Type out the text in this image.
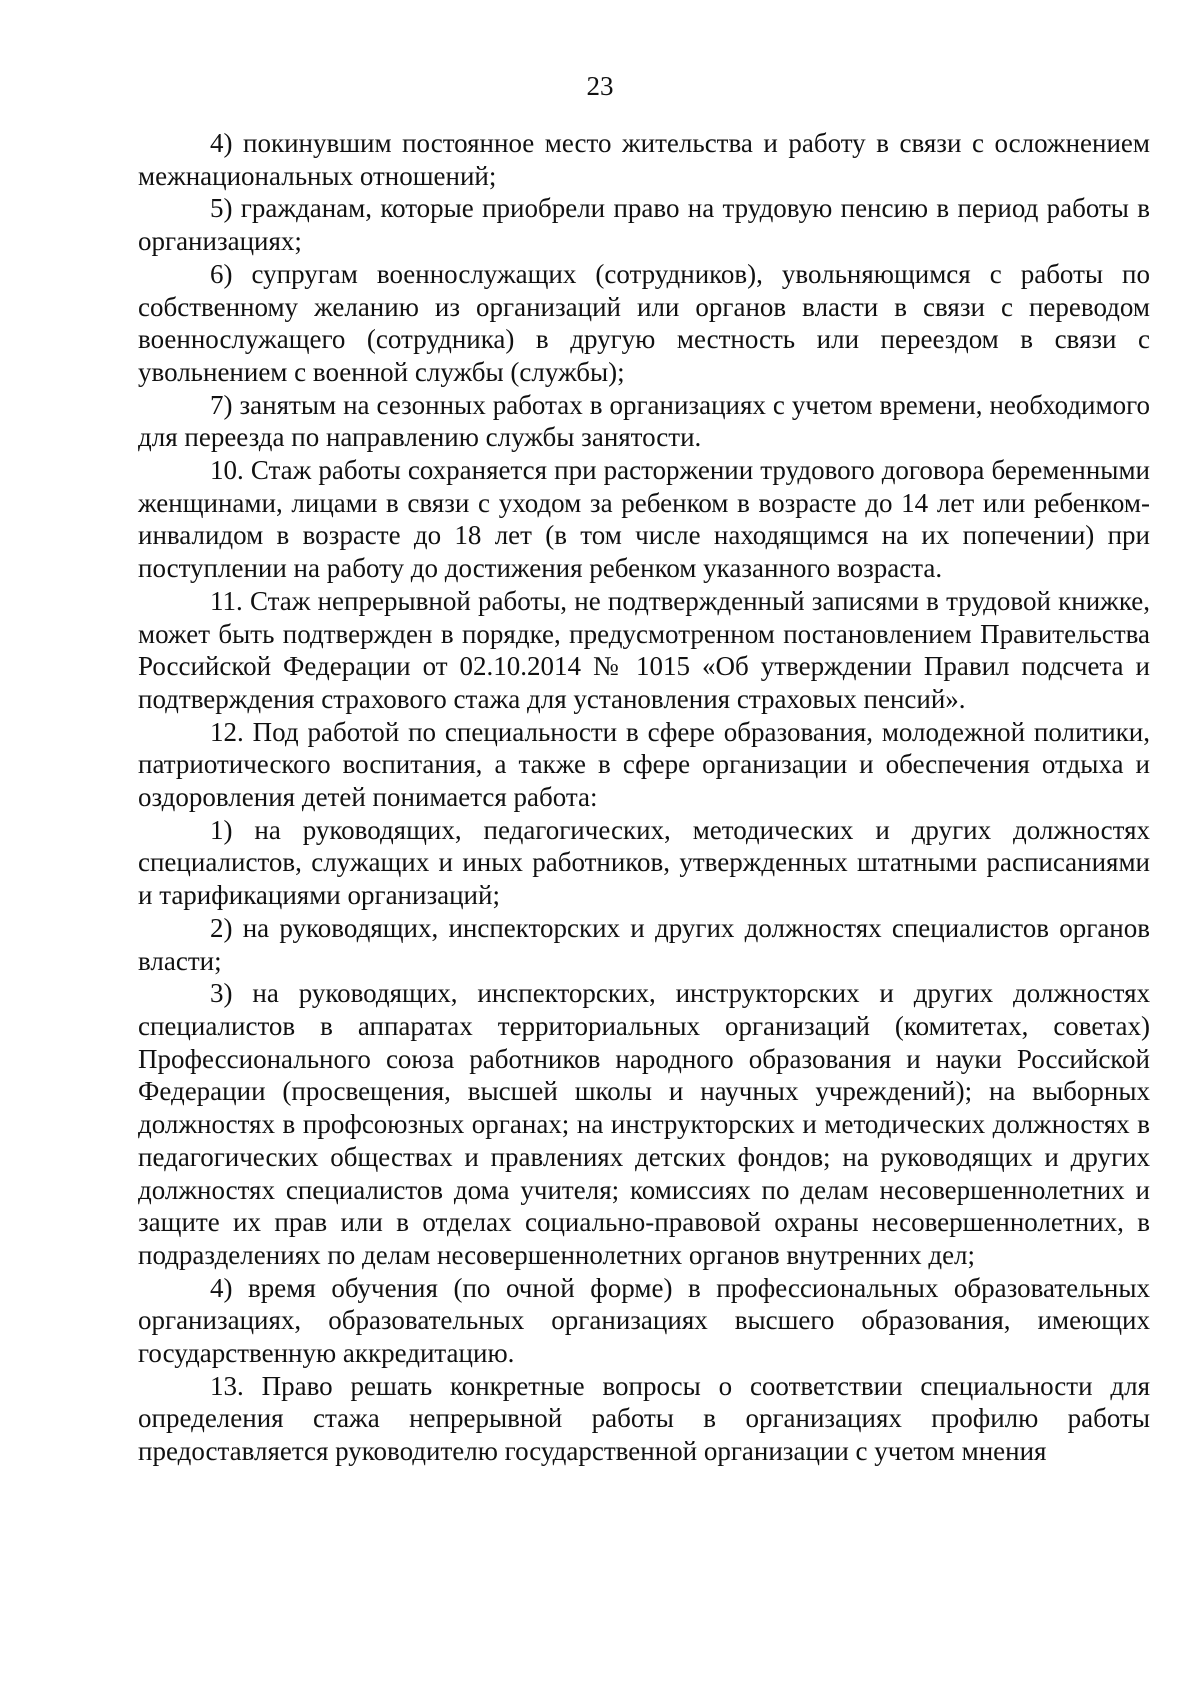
23

4) покинувшим постоянное место жительства и работу в связи с осложнением межнациональных отношений;

5) гражданам, которые приобрели право на трудовую пенсию в период работы в организациях;

6) супругам военнослужащих (сотрудников), увольняющимся с работы по собственному желанию из организаций или органов власти в связи с переводом военнослужащего (сотрудника) в другую местность или переездом в связи с увольнением с военной службы (службы);

7) занятым на сезонных работах в организациях с учетом времени, необходимого для переезда по направлению службы занятости.

10. Стаж работы сохраняется при расторжении трудового договора беременными женщинами, лицами в связи с уходом за ребенком в возрасте до 14 лет или ребенком-инвалидом в возрасте до 18 лет (в том числе находящимся на их попечении) при поступлении на работу до достижения ребенком указанного возраста.

11. Стаж непрерывной работы, не подтвержденный записями в трудовой книжке, может быть подтвержден в порядке, предусмотренном постановлением Правительства Российской Федерации от 02.10.2014 № 1015 «Об утверждении Правил подсчета и подтверждения страхового стажа для установления страховых пенсий».

12. Под работой по специальности в сфере образования, молодежной политики, патриотического воспитания, а также в сфере организации и обеспечения отдыха и оздоровления детей понимается работа:

1) на руководящих, педагогических, методических и других должностях специалистов, служащих и иных работников, утвержденных штатными расписаниями и тарификациями организаций;

2) на руководящих, инспекторских и других должностях специалистов органов власти;

3) на руководящих, инспекторских, инструкторских и других должностях специалистов в аппаратах территориальных организаций (комитетах, советах) Профессионального союза работников народного образования и науки Российской Федерации (просвещения, высшей школы и научных учреждений); на выборных должностях в профсоюзных органах; на инструкторских и методических должностях в педагогических обществах и правлениях детских фондов; на руководящих и других должностях специалистов дома учителя; комиссиях по делам несовершеннолетних и защите их прав или в отделах социально-правовой охраны несовершеннолетних, в подразделениях по делам несовершеннолетних органов внутренних дел;

4) время обучения (по очной форме) в профессиональных образовательных организациях, образовательных организациях высшего образования, имеющих государственную аккредитацию.

13. Право решать конкретные вопросы о соответствии специальности для определения стажа непрерывной работы в организациях профилю работы предоставляется руководителю государственной организации с учетом мнения
